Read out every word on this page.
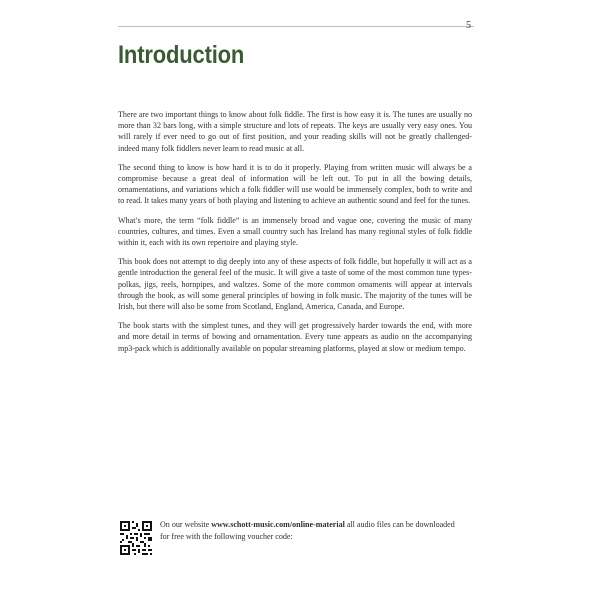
5
Introduction

There are two important things to know about folk fiddle. The first is how easy it is. The tunes are usually no more than 32 bars long, with a simple structure and lots of repeats. The keys are usually very easy ones. You will rarely if ever need to go out of first position, and your reading skills will not be greatly challenged- indeed many folk fiddlers never learn to read music at all.

The second thing to know is how hard it is to do it properly. Playing from written music will always be a compromise because a great deal of information will be left out. To put in all the bowing details, ornamentations, and variations which a folk fiddler will use would be immensely complex, both to write and to read. It takes many years of both playing and listening to achieve an authentic sound and feel for the tunes.

What’s more, the term “folk fiddle” is an immensely broad and vague one, covering the music of many countries, cultures, and times. Even a small country such has Ireland has many regional styles of folk fiddle within it, each with its own repertoire and playing style.

This book does not attempt to dig deeply into any of these aspects of folk fiddle, but hopefully it will act as a gentle introduction the general feel of the music. It will give a taste of some of the most common tune types- polkas, jigs, reels, hornpipes, and waltzes. Some of the more common ornaments will appear at intervals through the book, as will some general principles of bowing in folk music. The majority of the tunes will be Irish, but there will also be some from Scotland, England, America, Canada, and Europe.

The book starts with the simplest tunes, and they will get progressively harder towards the end, with more and more detail in terms of bowing and ornamentation. Every tune appears as audio on the accompanying mp3-pack which is additionally available on popular streaming platforms, played at slow or medium tempo.

On our website www.schott-music.com/online-material all audio files can be downloaded for free with the following voucher code:
